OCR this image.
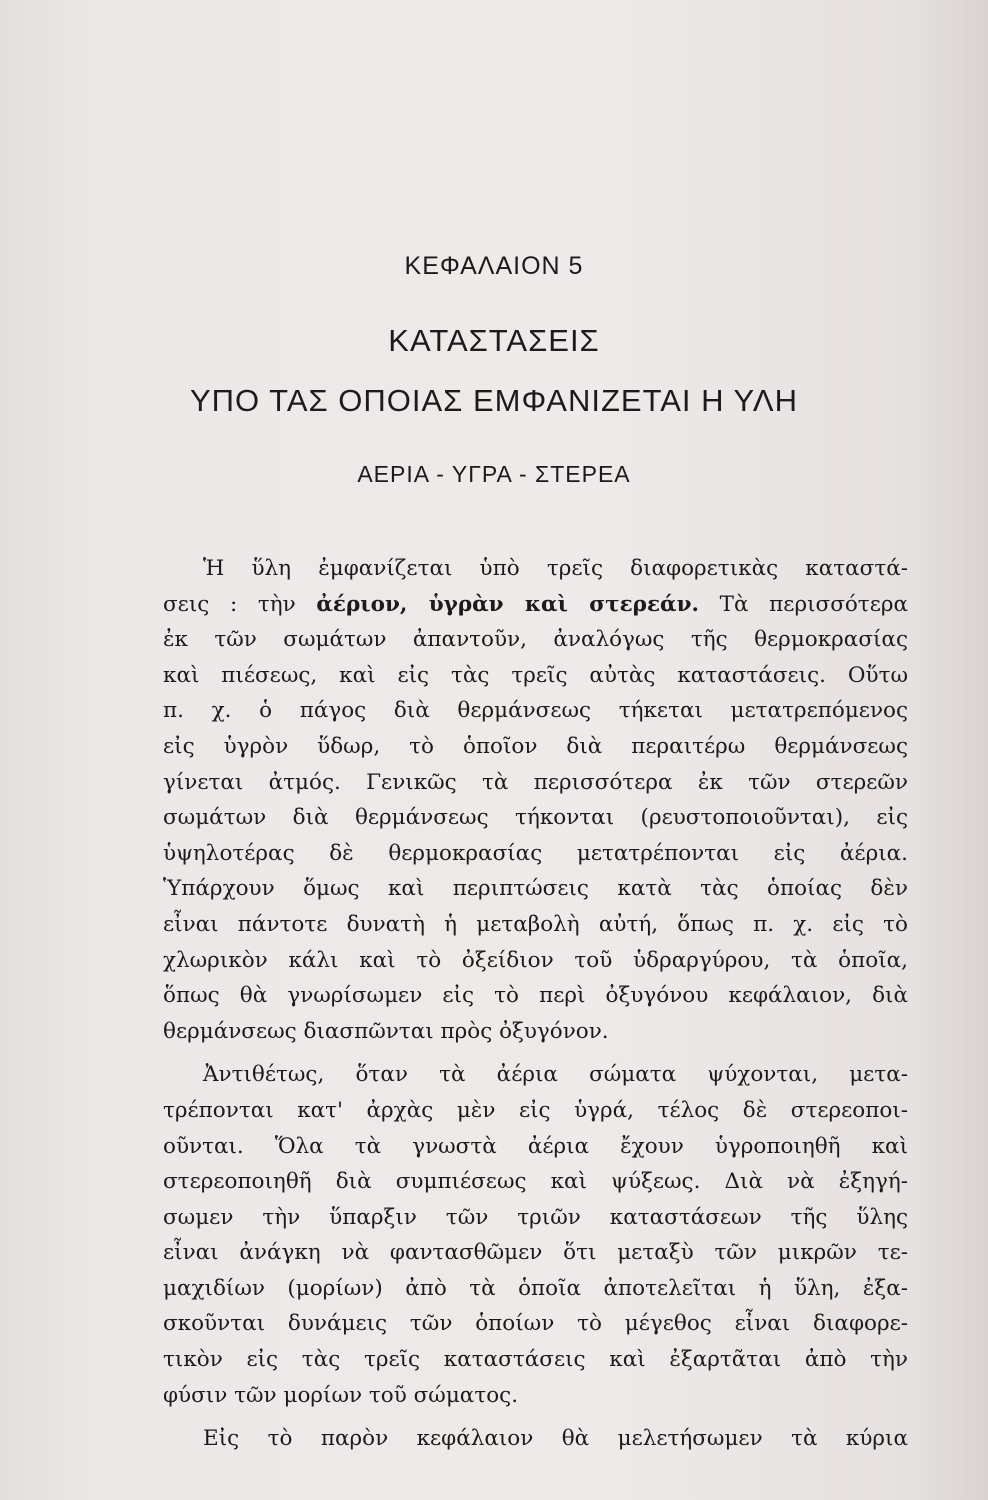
ΚΕΦΑΛΑΙΟΝ 5
ΚΑΤΑΣΤΑΣΕΙΣ
ΥΠΟ ΤΑΣ ΟΠΟΙΑΣ ΕΜΦΑΝΙΖΕΤΑΙ Η ΥΛΗ
ΑΕΡΙΑ - ΥΓΡΑ - ΣΤΕΡΕΑ
Ἡ ὕλη ἐμφανίζεται ὑπὸ τρεῖς διαφορετικὰς καταστά-
σεις : τὴν ἀέριον, ὑγρὰν καὶ στερεάν. Τὰ περισσότερα
ἐκ τῶν σωμάτων ἀπαντοῦν, ἀναλόγως τῆς θερμοκρασίας
καὶ πιέσεως, καὶ εἰς τὰς τρεῖς αὐτὰς καταστάσεις. Οὕτω
π. χ. ὁ πάγος διὰ θερμάνσεως τήκεται μετατρεπόμενος
εἰς ὑγρὸν ὕδωρ, τὸ ὁποῖον διὰ περαιτέρω θερμάνσεως
γίνεται ἀτμός. Γενικῶς τὰ περισσότερα ἐκ τῶν στερεῶν
σωμάτων διὰ θερμάνσεως τήκονται (ρευστοποιοῦνται), εἰς
ὑψηλοτέρας δὲ θερμοκρασίας μετατρέπονται εἰς ἀέρια.
Ὑπάρχουν ὅμως καὶ περιπτώσεις κατὰ τὰς ὁποίας δὲν
εἶναι πάντοτε δυνατὴ ἡ μεταβολὴ αὐτή, ὅπως π. χ. εἰς τὸ
χλωρικὸν κάλι καὶ τὸ ὀξείδιον τοῦ ὑδραργύρου, τὰ ὁποῖα,
ὅπως θὰ γνωρίσωμεν εἰς τὸ περὶ ὀξυγόνου κεφάλαιον, διὰ
θερμάνσεως διασπῶνται πρὸς ὀξυγόνον.
Ἀντιθέτως, ὅταν τὰ ἀέρια σώματα ψύχονται, μετα-
τρέπονται κατ' ἀρχὰς μὲν εἰς ὑγρά, τέλος δὲ στερεοποι-
οῦνται. Ὅλα τὰ γνωστὰ ἀέρια ἔχουν ὑγροποιηθῆ καὶ
στερεοποιηθῆ διὰ συμπιέσεως καὶ ψύξεως. Διὰ νὰ ἐξηγή-
σωμεν τὴν ὕπαρξιν τῶν τριῶν καταστάσεων τῆς ὕλης
εἶναι ἀνάγκη νὰ φαντασθῶμεν ὅτι μεταξὺ τῶν μικρῶν τε-
μαχιδίων (μορίων) ἀπὸ τὰ ὁποῖα ἀποτελεῖται ἡ ὕλη, ἐξα-
σκοῦνται δυνάμεις τῶν ὁποίων τὸ μέγεθος εἶναι διαφορε-
τικὸν εἰς τὰς τρεῖς καταστάσεις καὶ ἐξαρτᾶται ἀπὸ τὴν
φύσιν τῶν μορίων τοῦ σώματος.
Εἰς τὸ παρὸν κεφάλαιον θὰ μελετήσωμεν τὰ κύρια
